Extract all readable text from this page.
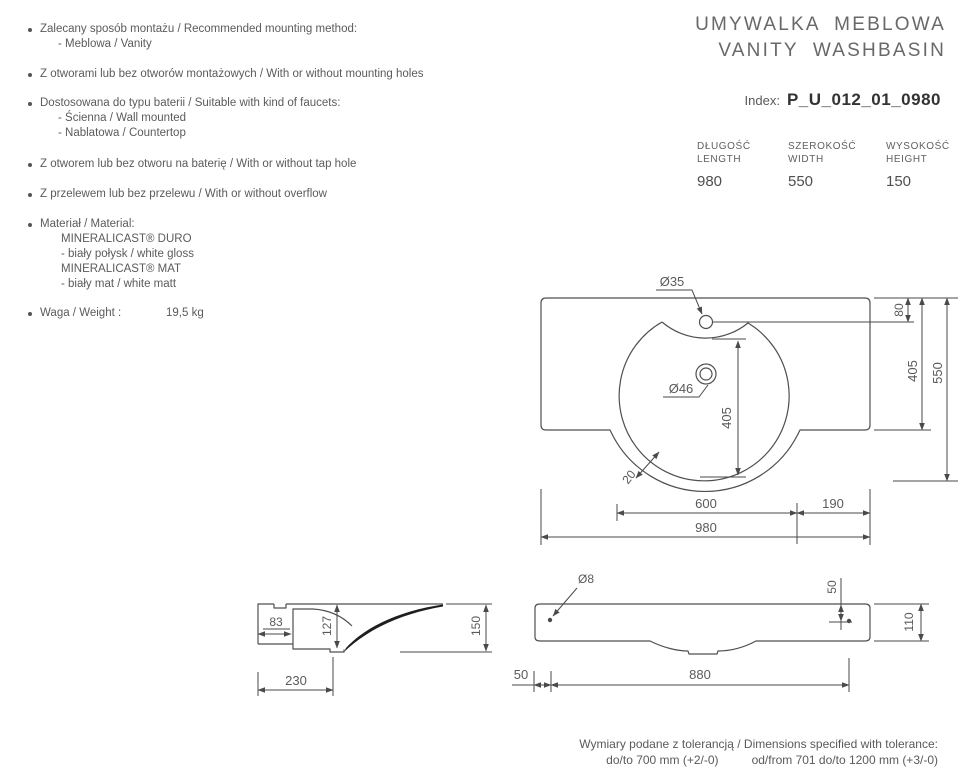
Zalecany sposób montażu / Recommended mounting method:
- Meblowa / Vanity
Z otworami lub bez otworów montażowych / With or without mounting holes
Dostosowana do typu baterii / Suitable with kind of faucets:
- Ścienna / Wall mounted
- Nablatowa / Countertop
Z otworem lub bez otworu na baterię / With or without tap hole
Z przelewem lub bez przelewu / With or without overflow
Materiał / Material:
MINERALICAST® DURO
- biały połysk / white gloss
MINERALICAST® MAT
- biały mat / white matt
Waga / Weight :	19,5 kg
UMYWALKA MEBLOWA
VANITY WASHBASIN
Index: P_U_012_01_0980
DŁUGOŚĆ
LENGTH
980
SZEROKOŚĆ
WIDTH
550
WYSOKOŚĆ
HEIGHT
150
Ø35
Ø46
405
80
405 550
20
600	190
980
83	127	150
230
Ø8
50
110
50	880
Wymiary podane z tolerancją / Dimensions specified with tolerance:
do/to 700 mm (+2/-0)	od/from 701 do/to 1200 mm (+3/-0)
